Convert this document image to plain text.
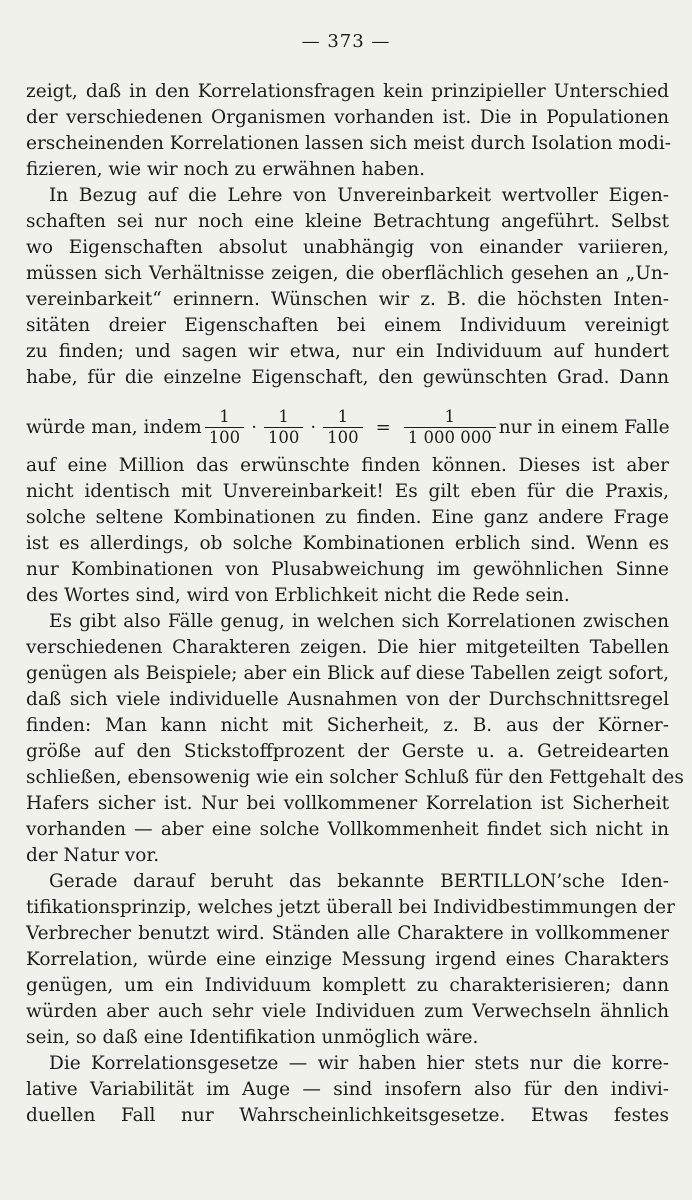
— 373 —
zeigt, daß in den Korrelationsfragen kein prinzipieller Unterschied
der verschiedenen Organismen vorhanden ist. Die in Populationen
erscheinenden Korrelationen lassen sich meist durch Isolation modi-
fizieren, wie wir noch zu erwähnen haben.
In Bezug auf die Lehre von Unvereinbarkeit wertvoller Eigen-
schaften sei nur noch eine kleine Betrachtung angeführt. Selbst
wo Eigenschaften absolut unabhängig von einander variieren,
müssen sich Verhältnisse zeigen, die oberflächlich gesehen an „Un-
vereinbarkeit“ erinnern. Wünschen wir z. B. die höchsten Inten-
sitäten dreier Eigenschaften bei einem Individuum vereinigt
zu finden; und sagen wir etwa, nur ein Individuum auf hundert
habe, für die einzelne Eigenschaft, den gewünschten Grad. Dann
würde man, indem $\frac{1}{100} \cdot \frac{1}{100} \cdot \frac{1}{100} = \frac{1}{1 000 000}$ nur in einem Falle
auf eine Million das erwünschte finden können. Dieses ist aber
nicht identisch mit Unvereinbarkeit! Es gilt eben für die Praxis,
solche seltene Kombinationen zu finden. Eine ganz andere Frage
ist es allerdings, ob solche Kombinationen erblich sind. Wenn es
nur Kombinationen von Plusabweichung im gewöhnlichen Sinne
des Wortes sind, wird von Erblichkeit nicht die Rede sein.
Es gibt also Fälle genug, in welchen sich Korrelationen zwischen
verschiedenen Charakteren zeigen. Die hier mitgeteilten Tabellen
genügen als Beispiele; aber ein Blick auf diese Tabellen zeigt sofort,
daß sich viele individuelle Ausnahmen von der Durchschnittsregel
finden: Man kann nicht mit Sicherheit, z. B. aus der Körner-
größe auf den Stickstoffprozent der Gerste u. a. Getreidearten
schließen, ebensowenig wie ein solcher Schluß für den Fettgehalt des
Hafers sicher ist. Nur bei vollkommener Korrelation ist Sicherheit
vorhanden — aber eine solche Vollkommenheit findet sich nicht in
der Natur vor.
Gerade darauf beruht das bekannte BERTILLON’sche Iden-
tifikationsprinzip, welches jetzt überall bei Individbestimmungen der
Verbrecher benutzt wird. Ständen alle Charaktere in vollkommener
Korrelation, würde eine einzige Messung irgend eines Charakters
genügen, um ein Individuum komplett zu charakterisieren; dann
würden aber auch sehr viele Individuen zum Verwechseln ähnlich
sein, so daß eine Identifikation unmöglich wäre.
Die Korrelationsgesetze — wir haben hier stets nur die korre-
lative Variabilität im Auge — sind insofern also für den indivi-
duellen Fall nur Wahrscheinlichkeitsgesetze. Etwas festes
